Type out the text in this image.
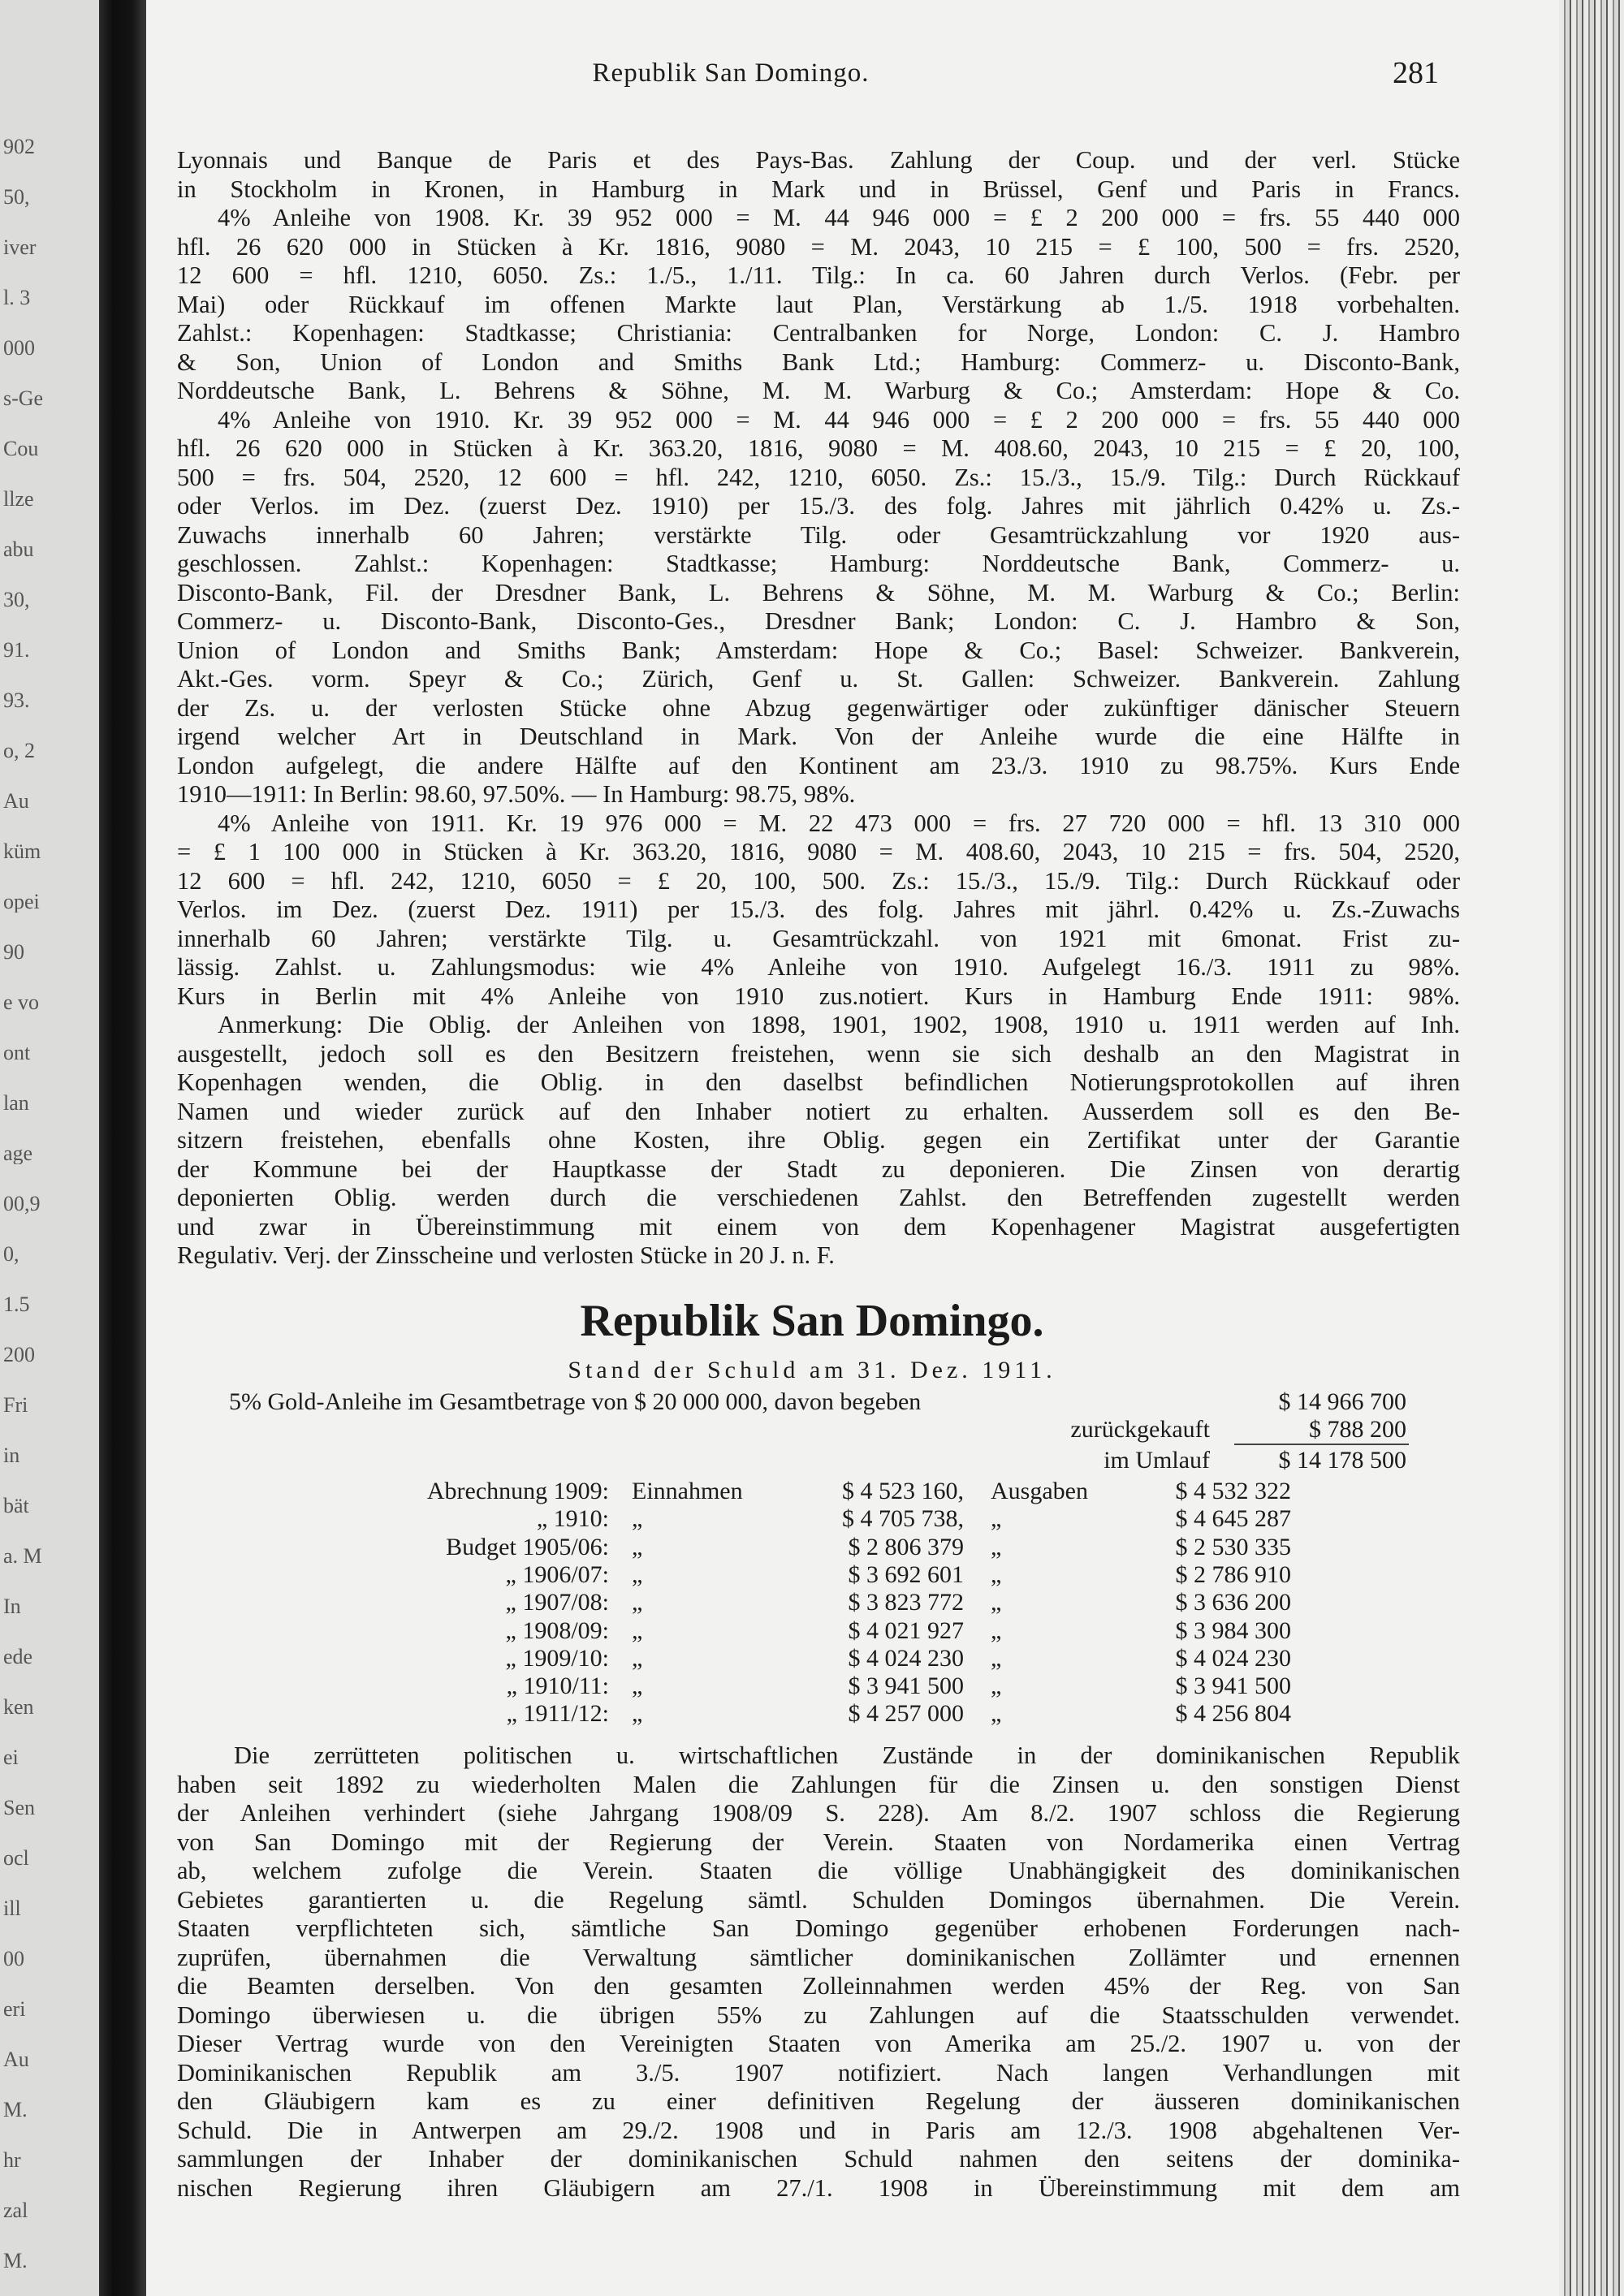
902
50,
iver
l. 3
000
s-Ge
Cou
llze
abu
30,
91.
93.
o, 2
Au
küm
opei
90
e vo
ont
lan
age
00,9
0,
1.5
200
Fri
in
bät
a. M
In
ede
ken
ei
Sen
ocl
ill
00
eri
Au
M.
hr
zal
M.
Republik San Domingo.	281
Republik San Domingo.
Stand der Schuld am 31. Dez. 1911.
5% Gold-Anleihe im Gesamtbetrage von $ 20 000 000, davon begeben	$ 14 966 700
zurückgekauft	$ 788 200
im Umlauf	$ 14 178 500
Lyonnais und Banque de Paris et des Pays-Bas. Zahlung der Coup. und der verl. Stücke
in Stockholm in Kronen, in Hamburg in Mark und in Brüssel, Genf und Paris in Francs.
4% Anleihe von 1908. Kr. 39 952 000 = M. 44 946 000 = £ 2 200 000 = frs. 55 440 000
hfl. 26 620 000 in Stücken à Kr. 1816, 9080 = M. 2043, 10 215 = £ 100, 500 = frs. 2520,
12 600 = hfl. 1210, 6050. Zs.: 1./5., 1./11. Tilg.: In ca. 60 Jahren durch Verlos. (Febr. per
Mai) oder Rückkauf im offenen Markte laut Plan, Verstärkung ab 1./5. 1918 vorbehalten.
Zahlst.: Kopenhagen: Stadtkasse; Christiania: Centralbanken for Norge, London: C. J. Hambro
& Son, Union of London and Smiths Bank Ltd.; Hamburg: Commerz- u. Disconto-Bank,
Norddeutsche Bank, L. Behrens & Söhne, M. M. Warburg & Co.; Amsterdam: Hope & Co.
4% Anleihe von 1910. Kr. 39 952 000 = M. 44 946 000 = £ 2 200 000 = frs. 55 440 000
hfl. 26 620 000 in Stücken à Kr. 363.20, 1816, 9080 = M. 408.60, 2043, 10 215 = £ 20, 100,
500 = frs. 504, 2520, 12 600 = hfl. 242, 1210, 6050. Zs.: 15./3., 15./9. Tilg.: Durch Rückkauf
oder Verlos. im Dez. (zuerst Dez. 1910) per 15./3. des folg. Jahres mit jährlich 0.42% u. Zs.-
Zuwachs innerhalb 60 Jahren; verstärkte Tilg. oder Gesamtrückzahlung vor 1920 aus-
geschlossen. Zahlst.: Kopenhagen: Stadtkasse; Hamburg: Norddeutsche Bank, Commerz- u.
Disconto-Bank, Fil. der Dresdner Bank, L. Behrens & Söhne, M. M. Warburg & Co.; Berlin:
Commerz- u. Disconto-Bank, Disconto-Ges., Dresdner Bank; London: C. J. Hambro & Son,
Union of London and Smiths Bank; Amsterdam: Hope & Co.; Basel: Schweizer. Bankverein,
Akt.-Ges. vorm. Speyr & Co.; Zürich, Genf u. St. Gallen: Schweizer. Bankverein. Zahlung
der Zs. u. der verlosten Stücke ohne Abzug gegenwärtiger oder zukünftiger dänischer Steuern
irgend welcher Art in Deutschland in Mark. Von der Anleihe wurde die eine Hälfte in
London aufgelegt, die andere Hälfte auf den Kontinent am 23./3. 1910 zu 98.75%. Kurs Ende
1910—1911: In Berlin: 98.60, 97.50%. — In Hamburg: 98.75, 98%.
4% Anleihe von 1911. Kr. 19 976 000 = M. 22 473 000 = frs. 27 720 000 = hfl. 13 310 000
= £ 1 100 000 in Stücken à Kr. 363.20, 1816, 9080 = M. 408.60, 2043, 10 215 = frs. 504, 2520,
12 600 = hfl. 242, 1210, 6050 = £ 20, 100, 500. Zs.: 15./3., 15./9. Tilg.: Durch Rückkauf oder
Verlos. im Dez. (zuerst Dez. 1911) per 15./3. des folg. Jahres mit jährl. 0.42% u. Zs.-Zuwachs
innerhalb 60 Jahren; verstärkte Tilg. u. Gesamtrückzahl. von 1921 mit 6monat. Frist zu-
lässig. Zahlst. u. Zahlungsmodus: wie 4% Anleihe von 1910. Aufgelegt 16./3. 1911 zu 98%.
Kurs in Berlin mit 4% Anleihe von 1910 zus.notiert. Kurs in Hamburg Ende 1911: 98%.
Anmerkung: Die Oblig. der Anleihen von 1898, 1901, 1902, 1908, 1910 u. 1911 werden auf Inh.
ausgestellt, jedoch soll es den Besitzern freistehen, wenn sie sich deshalb an den Magistrat in
Kopenhagen wenden, die Oblig. in den daselbst befindlichen Notierungsprotokollen auf ihren
Namen und wieder zurück auf den Inhaber notiert zu erhalten. Ausserdem soll es den Be-
sitzern freistehen, ebenfalls ohne Kosten, ihre Oblig. gegen ein Zertifikat unter der Garantie
der Kommune bei der Hauptkasse der Stadt zu deponieren. Die Zinsen von derartig
deponierten Oblig. werden durch die verschiedenen Zahlst. den Betreffenden zugestellt werden
und zwar in Übereinstimmung mit einem von dem Kopenhagener Magistrat ausgefertigten
Regulativ. Verj. der Zinsscheine und verlosten Stücke in 20 J. n. F.
Die zerrütteten politischen u. wirtschaftlichen Zustände in der dominikanischen Republik
haben seit 1892 zu wiederholten Malen die Zahlungen für die Zinsen u. den sonstigen Dienst
der Anleihen verhindert (siehe Jahrgang 1908/09 S. 228). Am 8./2. 1907 schloss die Regierung
von San Domingo mit der Regierung der Verein. Staaten von Nordamerika einen Vertrag
ab, welchem zufolge die Verein. Staaten die völlige Unabhängigkeit des dominikanischen
Gebietes garantierten u. die Regelung sämtl. Schulden Domingos übernahmen. Die Verein.
Staaten verpflichteten sich, sämtliche San Domingo gegenüber erhobenen Forderungen nach-
zuprüfen, übernahmen die Verwaltung sämtlicher dominikanischen Zollämter und ernennen
die Beamten derselben. Von den gesamten Zolleinnahmen werden 45% der Reg. von San
Domingo überwiesen u. die übrigen 55% zu Zahlungen auf die Staatsschulden verwendet.
Dieser Vertrag wurde von den Vereinigten Staaten von Amerika am 25./2. 1907 u. von der
Dominikanischen Republik am 3./5. 1907 notifiziert. Nach langen Verhandlungen mit
den Gläubigern kam es zu einer definitiven Regelung der äusseren dominikanischen
Schuld. Die in Antwerpen am 29./2. 1908 und in Paris am 12./3. 1908 abgehaltenen Ver-
sammlungen der Inhaber der dominikanischen Schuld nahmen den seitens der dominika-
nischen Regierung ihren Gläubigern am 27./1. 1908 in Übereinstimmung mit dem am
Abrechnung 1909: Einnahmen	$ 4 523 160, Ausgaben	$ 4 532 322
„ 1910: „	$ 4 705 738, „	$ 4 645 287
Budget 1905/06: „	$ 2 806 379 „	$ 2 530 335
„ 1906/07: „	$ 3 692 601 „	$ 2 786 910
„ 1907/08: „	$ 3 823 772 „	$ 3 636 200
„ 1908/09: „	$ 4 021 927 „	$ 3 984 300
„ 1909/10: „	$ 4 024 230 „	$ 4 024 230
„ 1910/11: „	$ 3 941 500 „	$ 3 941 500
„ 1911/12: „	$ 4 257 000 „	$ 4 256 804
